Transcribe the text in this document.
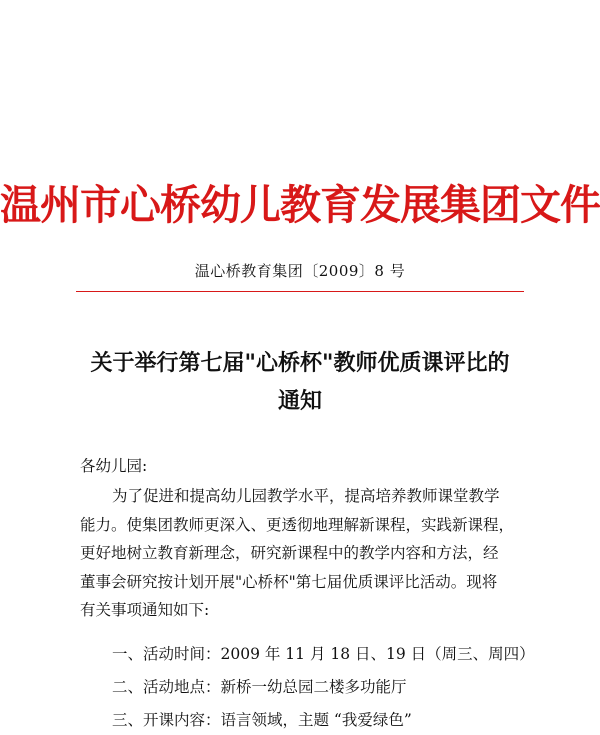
温州市心桥幼儿教育发展集团文件
温心桥教育集团〔2009〕8 号
关于举行第七届"心桥杯"教师优质课评比的
通知
各幼儿园:
为了促进和提高幼儿园教学水平，提高培养教师课堂教学
能力。使集团教师更深入、更透彻地理解新课程，实践新课程，
更好地树立教育新理念，研究新课程中的教学内容和方法，经
董事会研究按计划开展"心桥杯"第七届优质课评比活动。现将
有关事项通知如下:
一、活动时间：2009 年 11 月 18 日、19 日（周三、周四）
二、活动地点：新桥一幼总园二楼多功能厅
三、开课内容：语言领域，主题 “我爱绿色”
